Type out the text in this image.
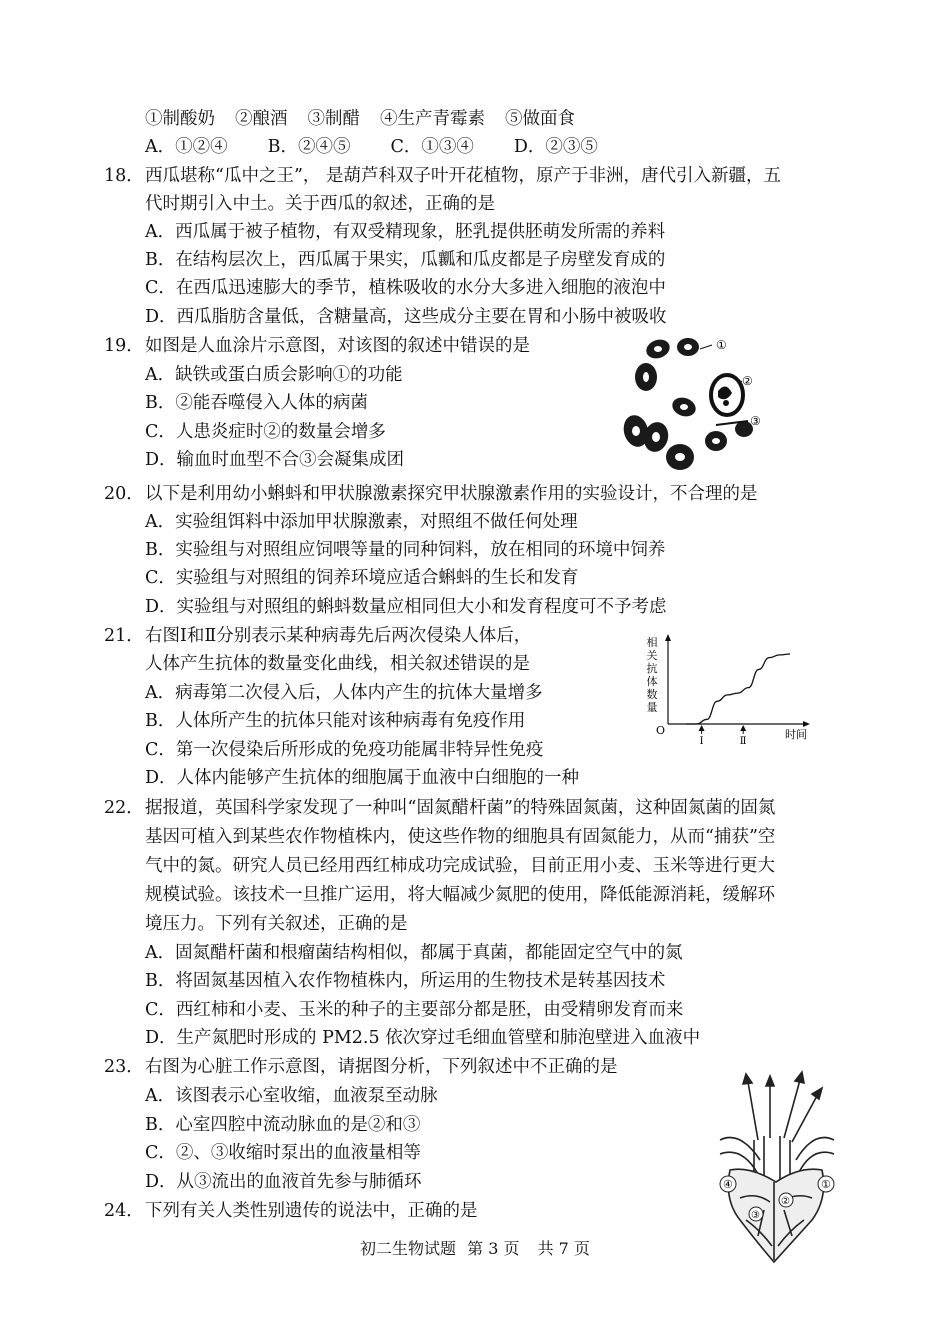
①制酸奶 ②酿酒 ③制醋 ④生产青霉素 ⑤做面食
A．①②④ B．②④⑤ C．①③④ D．②③⑤
18． 西瓜堪称“瓜中之王”， 是葫芦科双子叶开花植物，原产于非洲，唐代引入新疆，五
代时期引入中土。关于西瓜的叙述，正确的是
A．西瓜属于被子植物，有双受精现象，胚乳提供胚萌发所需的养料
B．在结构层次上，西瓜属于果实，瓜瓤和瓜皮都是子房壁发育成的
C．在西瓜迅速膨大的季节，植株吸收的水分大多进入细胞的液泡中
D．西瓜脂肪含量低，含糖量高，这些成分主要在胃和小肠中被吸收
19． 如图是人血涂片示意图，对该图的叙述中错误的是
A．缺铁或蛋白质会影响①的功能
B．②能吞噬侵入人体的病菌
C．人患炎症时②的数量会增多
D．输血时血型不合③会凝集成团
①
②
③
20． 以下是利用幼小蝌蚪和甲状腺激素探究甲状腺激素作用的实验设计，不合理的是
A．实验组饵料中添加甲状腺激素，对照组不做任何处理
B．实验组与对照组应饲喂等量的同种饲料，放在相同的环境中饲养
C．实验组与对照组的饲养环境应适合蝌蚪的生长和发育
D．实验组与对照组的蝌蚪数量应相同但大小和发育程度可不予考虑
21． 右图Ⅰ和Ⅱ分别表示某种病毒先后两次侵染人体后，
人体产生抗体的数量变化曲线，相关叙述错误的是
A．病毒第二次侵入后，人体内产生的抗体大量增多
B．人体所产生的抗体只能对该种病毒有免疫作用
C．第一次侵染后所形成的免疫功能属非特异性免疫
D．人体内能够产生抗体的细胞属于血液中白细胞的一种
相
关
抗
体
数
量
O	时间
Ⅰ	Ⅱ
22． 据报道，英国科学家发现了一种叫“固氮醋杆菌”的特殊固氮菌，这种固氮菌的固氮
基因可植入到某些农作物植株内，使这些作物的细胞具有固氮能力，从而“捕获”空
气中的氮。研究人员已经用西红柿成功完成试验，目前正用小麦、玉米等进行更大
规模试验。该技术一旦推广运用，将大幅减少氮肥的使用，降低能源消耗，缓解环
境压力。下列有关叙述，正确的是
A．固氮醋杆菌和根瘤菌结构相似，都属于真菌，都能固定空气中的氮
B．将固氮基因植入农作物植株内，所运用的生物技术是转基因技术
C．西红柿和小麦、玉米的种子的主要部分都是胚，由受精卵发育而来
D．生产氮肥时形成的 PM2.5 依次穿过毛细血管壁和肺泡壁进入血液中
23． 右图为心脏工作示意图，请据图分析，下列叙述中不正确的是
A．该图表示心室收缩，血液泵至动脉
B．心室四腔中流动脉血的是②和③
C．②、③收缩时泵出的血液量相等
D．从③流出的血液首先参与肺循环	④	①
③
②
24． 下列有关人类性别遗传的说法中，正确的是
初二生物试题 第 3 页 共 7 页
